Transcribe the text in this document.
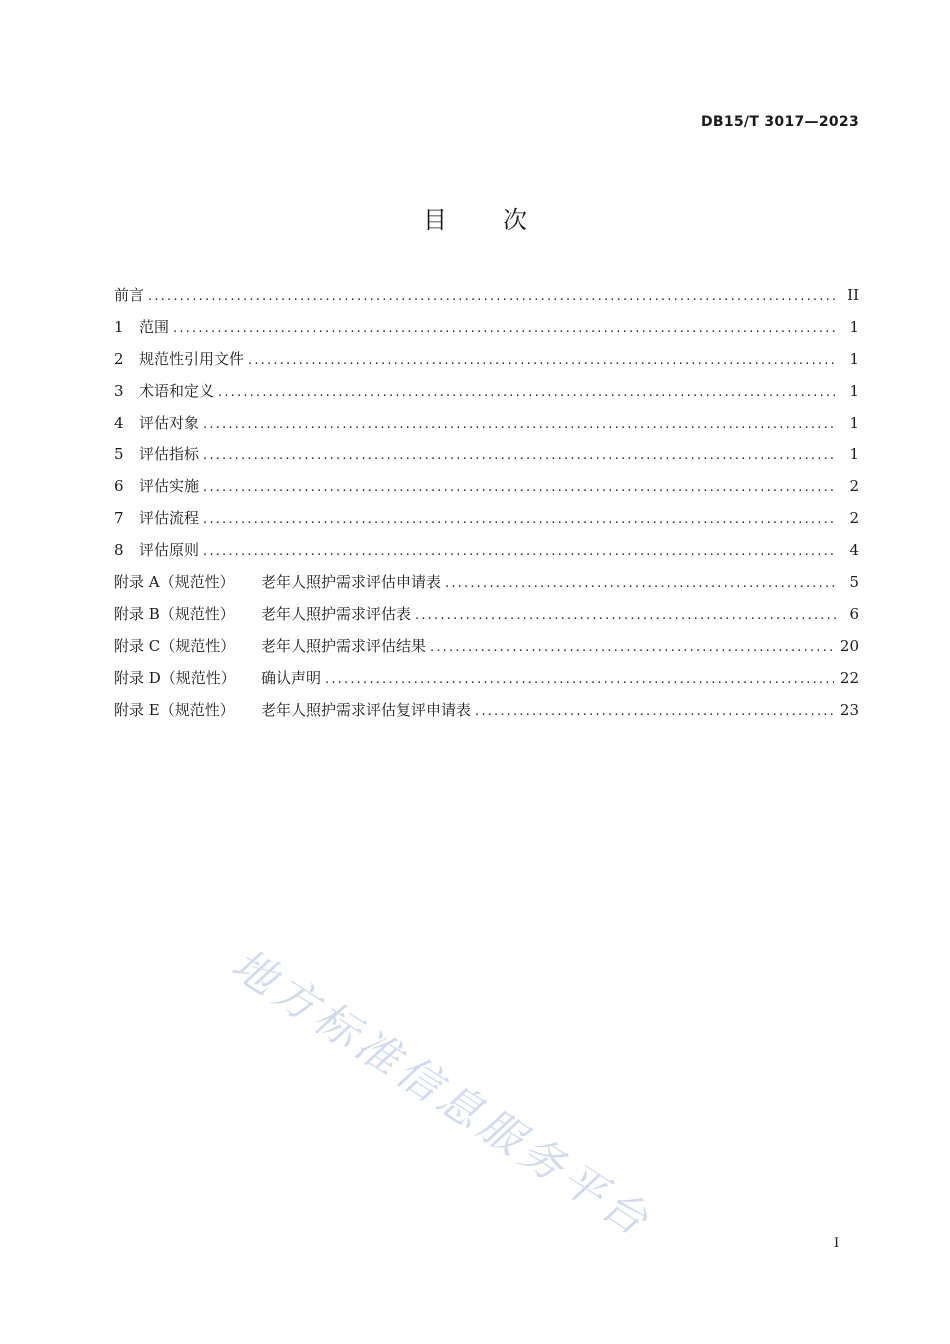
DB15/T 3017—2023
目次
前言 .....	II
1	范围 .....	1
2	规范性引用文件 .....	1
3	术语和定义 .....	1
4	评估对象 .....	1
5	评估指标 .....	1
6	评估实施 .....	2
7	评估流程 .....	2
8	评估原则 .....	4
附录 A（规范性）	老年人照护需求评估申请表 .....	5
附录 B（规范性）	老年人照护需求评估表 .....	6
附录 C（规范性）	老年人照护需求评估结果 .....	20
附录 D（规范性）	确认声明 .....	22
附录 E（规范性）	老年人照护需求评估复评申请表 .....	23
地方标准信息服务平台	I
